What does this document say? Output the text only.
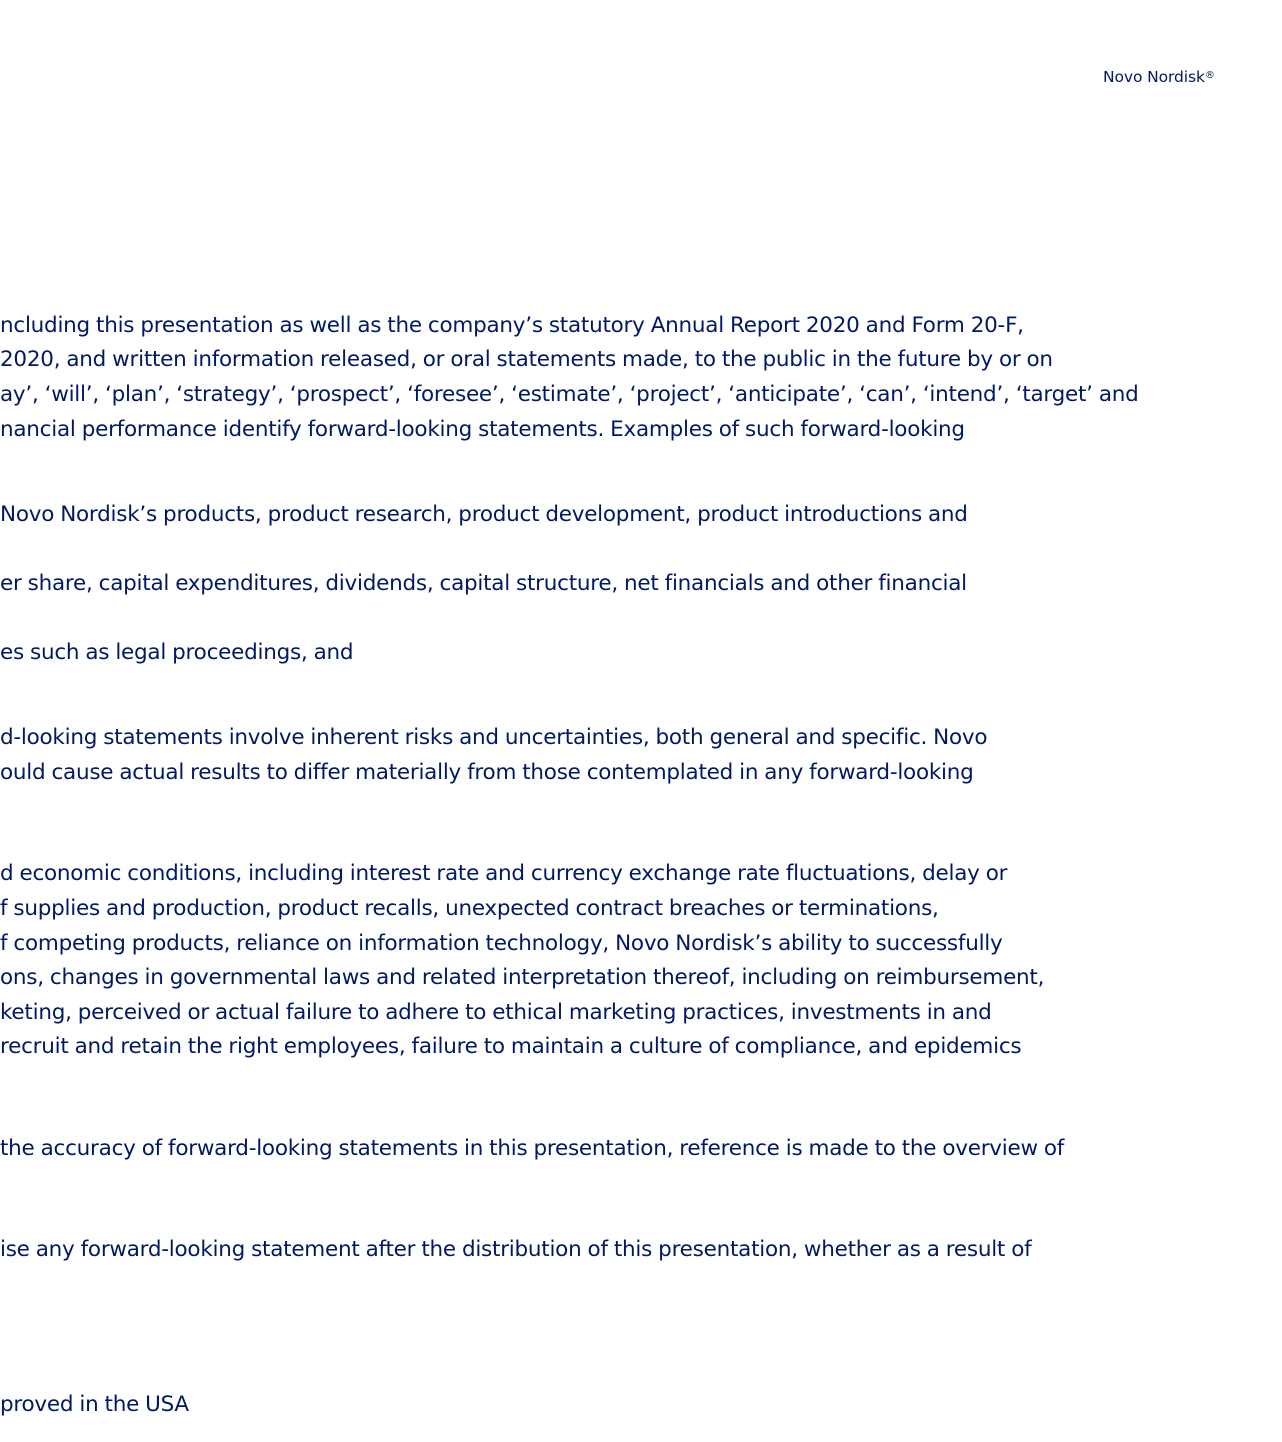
Novo Nordisk®
ncluding this presentation as well as the company’s statutory Annual Report 2020 and Form 20-F,
2020, and written information released, or oral statements made, to the public in the future by or on
ay’, ‘will’, ‘plan’, ‘strategy’, ‘prospect’, ‘foresee’, ‘estimate’, ‘project’, ‘anticipate’, ‘can’, ‘intend’, ‘target’ and
nancial performance identify forward-looking statements. Examples of such forward-looking
Novo Nordisk’s products, product research, product development, product introductions and
er share, capital expenditures, dividends, capital structure, net financials and other financial
es such as legal proceedings, and
d-looking statements involve inherent risks and uncertainties, both general and specific. Novo
ould cause actual results to differ materially from those contemplated in any forward-looking
d economic conditions, including interest rate and currency exchange rate fluctuations, delay or
f supplies and production, product recalls, unexpected contract breaches or terminations,
f competing products, reliance on information technology, Novo Nordisk’s ability to successfully
ons, changes in governmental laws and related interpretation thereof, including on reimbursement,
keting, perceived or actual failure to adhere to ethical marketing practices, investments in and
recruit and retain the right employees, failure to maintain a culture of compliance, and epidemics
the accuracy of forward-looking statements in this presentation, reference is made to the overview of
ise any forward-looking statement after the distribution of this presentation, whether as a result of
proved in the USA
